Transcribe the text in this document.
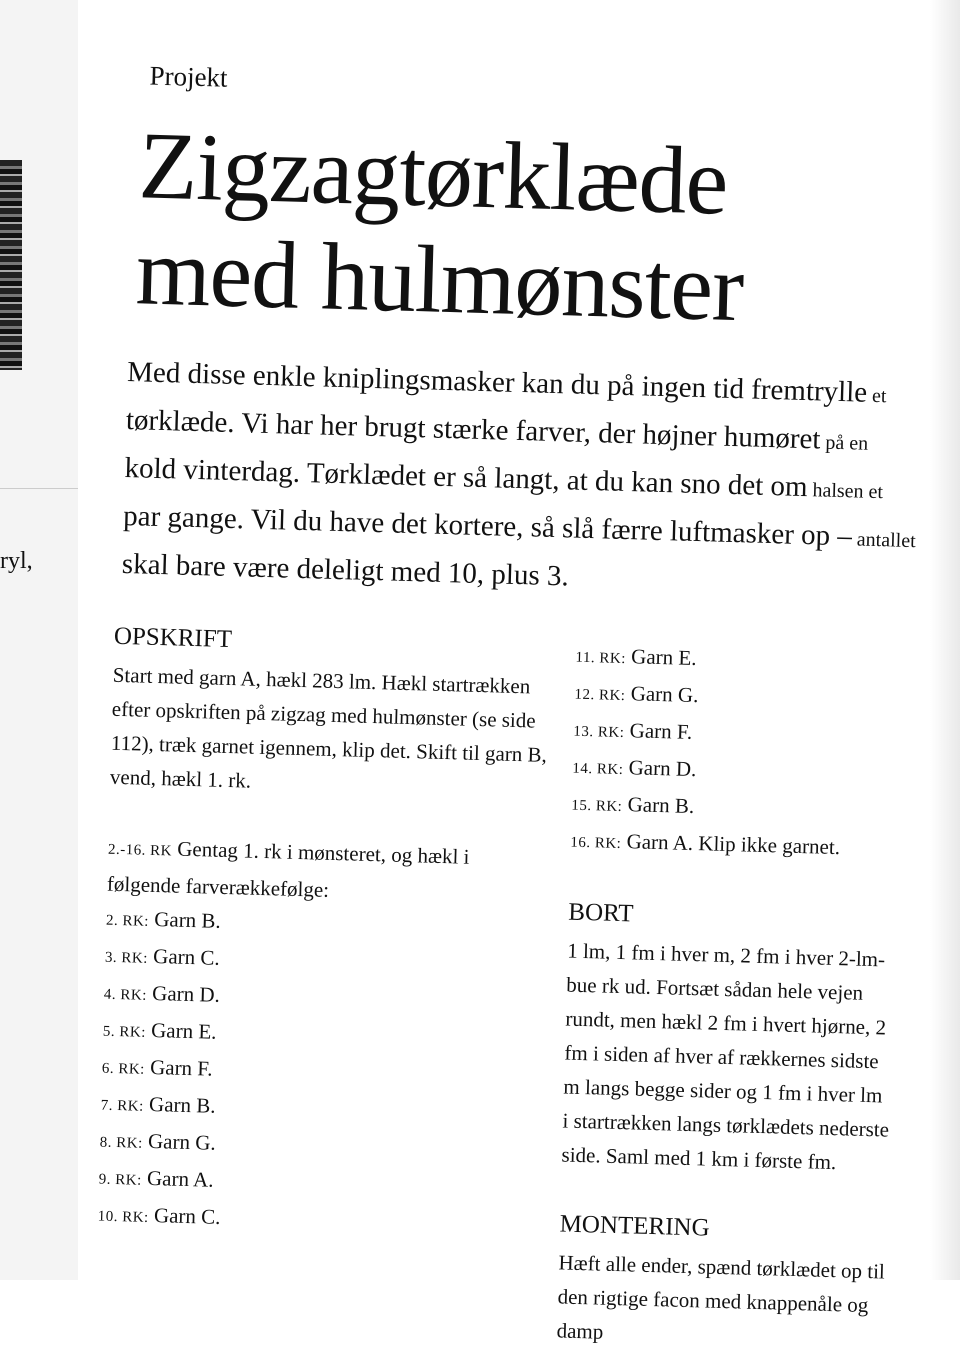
ryl,
Projekt
Zigzagtørklæde
med hulmønster

Med disse enkle kniplingsmasker kan du på ingen tid fremtrylle et

tørklæde. Vi har her brugt stærke farver, der højner humøret på en

kold vinterdag. Tørklædet er så langt, at du kan sno det om halsen et

par gange. Vil du have det kortere, så slå færre luftmasker op – antallet

skal bare være deleligt med 10, plus 3.

OPSKRIFT

Start med garn A, hækl 283 lm. Hækl startrækken efter opskriften på zigzag med hulmønster (se side 112), træk garnet igennem, klip det. Skift til garn B, vend, hækl 1. rk.

2.-16. RK Gentag 1. rk i mønsteret, og hækl i følgende farverækkefølge:

2. RK: Garn B.
3. RK: Garn C.
4. RK: Garn D.
5. RK: Garn E.
6. RK: Garn F.
7. RK: Garn B.
8. RK: Garn G.
9. RK: Garn A.
10. RK: Garn C.
11. RK: Garn E.
12. RK: Garn G.
13. RK: Garn F.
14. RK: Garn D.
15. RK: Garn B.
16. RK: Garn A. Klip ikke garnet.
BORT

1 lm, 1 fm i hver m, 2 fm i hver 2-lm-bue rk ud. Fortsæt sådan hele vejen rundt, men hækl 2 fm i hvert hjørne, 2 fm i siden af hver af rækkernes sidste m langs begge sider og 1 fm i hver lm i startrækken langs tørklædets nederste side. Saml med 1 km i første fm.

MONTERING

Hæft alle ender, spænd tørklædet op til den rigtige facon med knappenåle og damp
